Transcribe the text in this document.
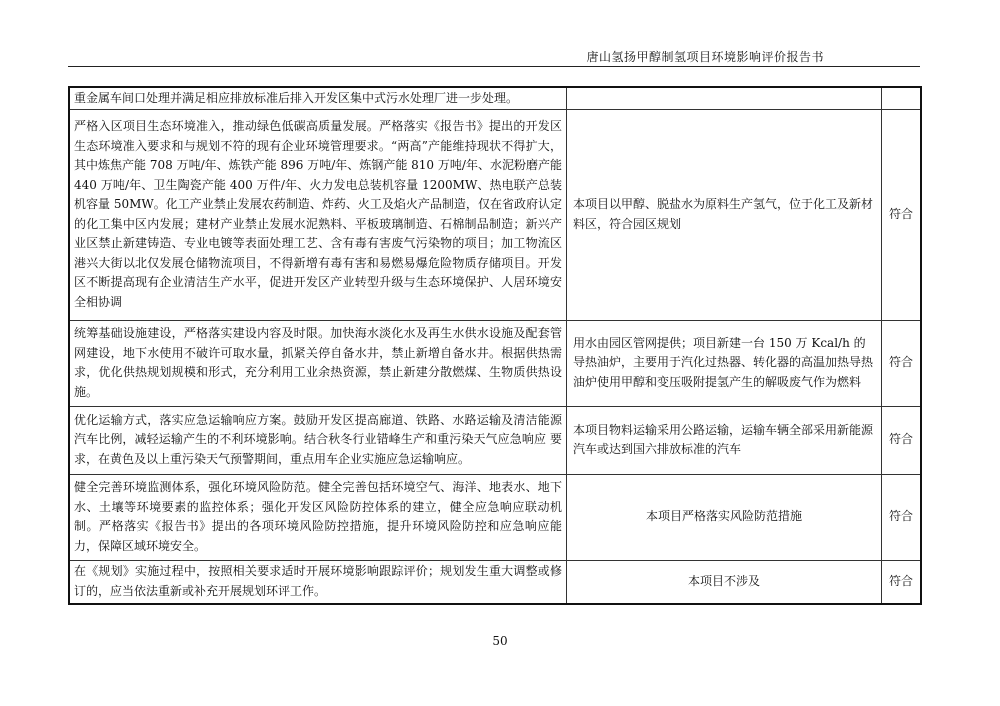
唐山氢扬甲醇制氢项目环境影响评价报告书
重金属车间口处理并满足相应排放标准后排入开发区集中式污水处理厂进一步处理。		
严格入区项目生态环境准入，推动绿色低碳高质量发展。严格落实《报告书》提出的开发区生态环境准入要求和与规划不符的现有企业环境管理要求。“两高”产能维持现状不得扩大，其中炼焦产能 708 万吨/年、炼铁产能 896 万吨/年、炼钢产能 810 万吨/年、水泥粉磨产能 440 万吨/年、卫生陶瓷产能 400 万件/年、火力发电总装机容量 1200MW、热电联产总装机容量 50MW。化工产业禁止发展农药制造、炸药、火工及焰火产品制造，仅在省政府认定的化工集中区内发展；建材产业禁止发展水泥熟料、平板玻璃制造、石棉制品制造；新兴产业区禁止新建铸造、专业电镀等表面处理工艺、含有毒有害废气污染物的项目；加工物流区港兴大街以北仅发展仓储物流项目，不得新增有毒有害和易燃易爆危险物质存储项目。开发区不断提高现有企业清洁生产水平，促进开发区产业转型升级与生态环境保护、人居环境安全相协调	本项目以甲醇、脱盐水为原料生产氢气，位于化工及新材料区，符合园区规划	符合
统筹基础设施建设，严格落实建设内容及时限。加快海水淡化水及再生水供水设施及配套管网建设，地下水使用不破许可取水量，抓紧关停自备水井，禁止新增自备水井。根据供热需求，优化供热规划规模和形式，充分利用工业余热资源，禁止新建分散燃煤、生物质供热设施。	用水由园区管网提供；项目新建一台 150 万 Kcal/h 的导热油炉，主要用于汽化过热器、转化器的高温加热导热油炉使用甲醇和变压吸附提氢产生的解吸废气作为燃料	符合
优化运输方式，落实应急运输响应方案。鼓励开发区提高廊道、铁路、水路运输及清洁能源汽车比例，减轻运输产生的不利环境影响。结合秋冬行业错峰生产和重污染天气应急响应 要求，在黄色及以上重污染天气预警期间，重点用车企业实施应急运输响应。	本项目物料运输采用公路运输，运输车辆全部采用新能源汽车或达到国六排放标准的汽车	符合
健全完善环境监测体系，强化环境风险防范。健全完善包括环境空气、海洋、地表水、地下水、土壤等环境要素的监控体系；强化开发区风险防控体系的建立，健全应急响应联动机制。严格落实《报告书》提出的各项环境风险防控措施，提升环境风险防控和应急响应能力，保障区域环境安全。	本项目严格落实风险防范措施	符合
在《规划》实施过程中，按照相关要求适时开展环境影响跟踪评价；规划发生重大调整或修订的，应当依法重新或补充开展规划环评工作。	本项目不涉及	符合
50
